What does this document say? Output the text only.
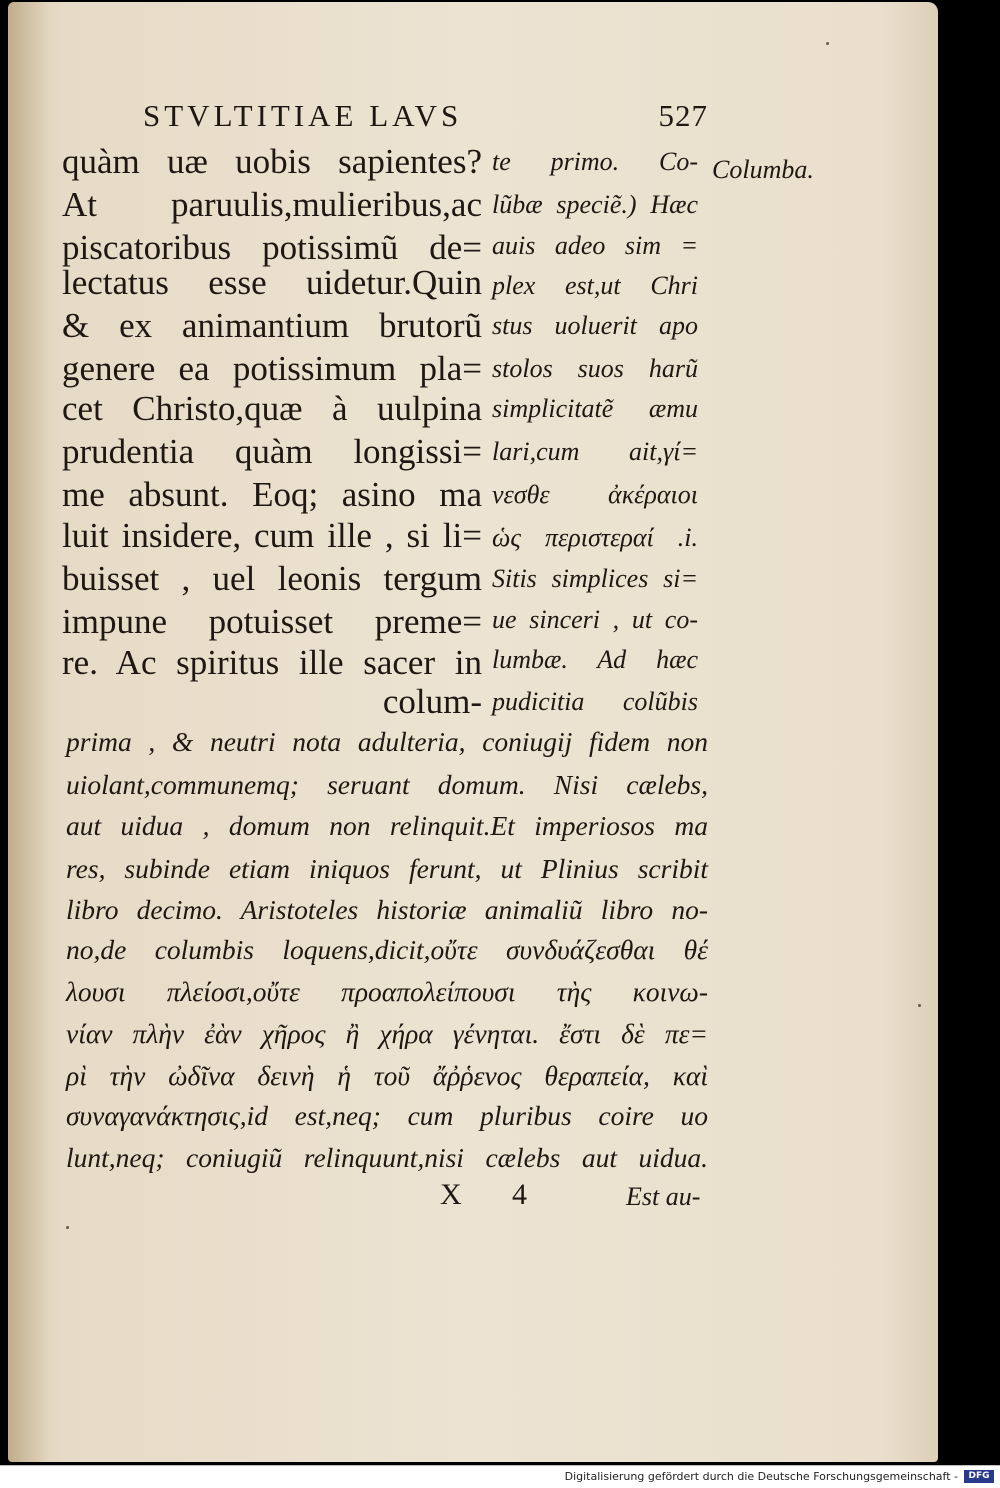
STVLTITIAE LAVS	527
Columba.
quàm uæ uobis sapientes?
At paruulis,mulieribus,ac
piscatoribus potissimũ de=
lectatus esse uidetur.Quin
& ex animantium brutorũ
genere ea potissimum pla=
cet Christo,quæ à uulpina
prudentia quàm longissi=
me absunt. Eoq; asino ma
luit insidere, cum ille , si li=
buisset , uel leonis tergum
impune potuisset preme=
re. Ac spiritus ille sacer in
colum-
te primo. Co-
lũbæ speciẽ.) Hæc
auis adeo sim =
plex est,ut Chri
stus uoluerit apo
stolos suos harũ
simplicitatẽ æmu
lari,cum ait,γί=
νεσθε ἀκέραιοι
ὡς περιστεραί .i.
Sitis simplices si=
ue sinceri , ut co-
lumbæ. Ad hæc
pudicitia colũbis
prima , & neutri nota adulteria, coniugij fidem non
uiolant,communemq; seruant domum. Nisi cælebs,
aut uidua , domum non relinquit.Et imperiosos ma
res, subinde etiam iniquos ferunt, ut Plinius scribit
libro decimo. Aristoteles historiæ animaliũ libro no-
no,de columbis loquens,dicit,οὔτε συνδυάζεσθαι θέ
λουσι πλείοσι,οὔτε προαπολείπουσι τὴς κοινω-
νίαν πλὴν ἐὰν χῆρος ἢ χήρα γένηται. ἔστι δὲ πε=
ρὶ τὴν ὠδῖνα δεινὴ ἡ τοῦ ἄῤῥενος θεραπεία, καὶ
συναγανάκτησις,id est,neq; cum pluribus coire uo
lunt,neq; coniugiũ relinquunt,nisi cælebs aut uidua.
X 4	Est au-
Digitalisierung gefördert durch die Deutsche Forschungsgemeinschaft -	DFG
